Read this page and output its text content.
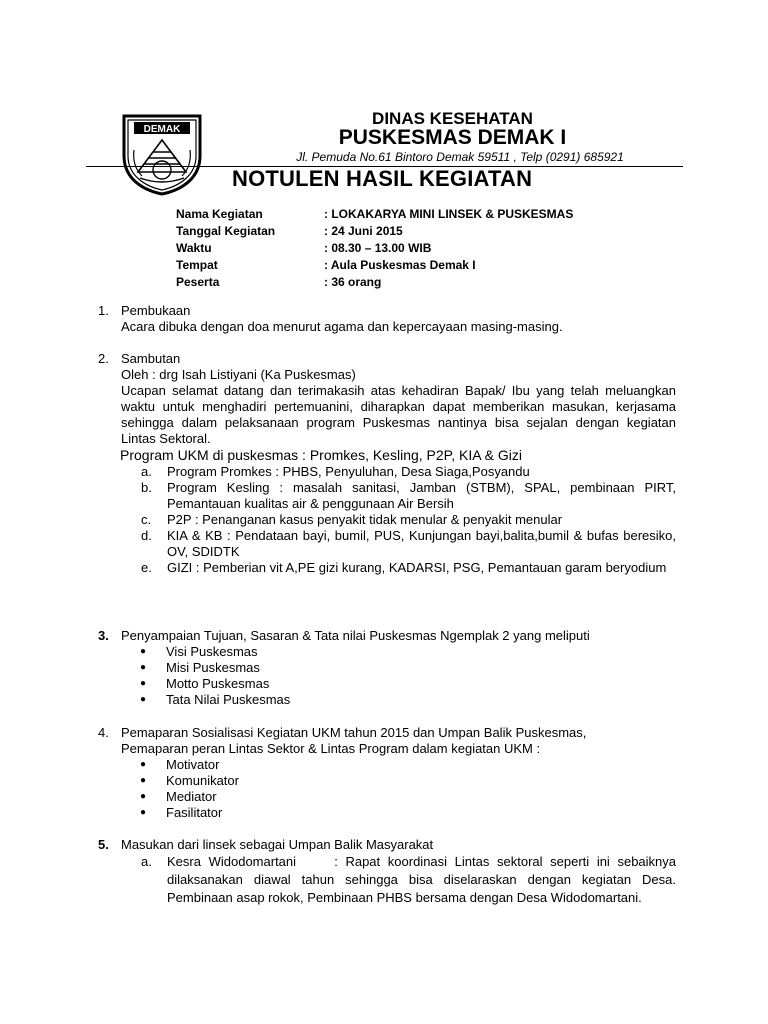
DEMAK
DINAS KESEHATAN
PUSKESMAS DEMAK I
Jl. Pemuda No.61 Bintoro Demak 59511 , Telp (0291) 685921
NOTULEN HASIL KEGIATAN
Nama Kegiatan	: LOKAKARYA MINI LINSEK & PUSKESMAS
Tanggal Kegiatan	: 24 Juni 2015
Waktu	: 08.30 – 13.00 WIB
Tempat	: Aula Puskesmas Demak I
Peserta	: 36 orang
1. Pembukaan
Acara dibuka dengan doa menurut agama dan kepercayaan masing-masing.
2. Sambutan
Oleh : drg Isah Listiyani (Ka Puskesmas)
Ucapan selamat datang dan terimakasih atas kehadiran Bapak/ Ibu yang telah meluangkan waktu untuk menghadiri pertemuanini, diharapkan dapat memberikan masukan, kerjasama sehingga dalam pelaksanaan program Puskesmas nantinya bisa sejalan dengan kegiatan Lintas Sektoral.
Program UKM di puskesmas : Promkes, Kesling, P2P, KIA & Gizi
a.	Program Promkes : PHBS, Penyuluhan, Desa Siaga,Posyandu
b.	Program Kesling : masalah sanitasi, Jamban (STBM), SPAL, pembinaan PIRT, Pemantauan kualitas air & penggunaan Air Bersih
c.	P2P : Penanganan kasus penyakit tidak menular & penyakit menular
d.	KIA & KB : Pendataan bayi, bumil, PUS, Kunjungan bayi,balita,bumil & bufas beresiko, OV, SDIDTK
e.	GIZI : Pemberian vit A,PE gizi kurang, KADARSI, PSG, Pemantauan garam beryodium
3. Penyampaian Tujuan, Sasaran & Tata nilai Puskesmas Ngemplak 2 yang meliputi
●	Visi Puskesmas
●	Misi Puskesmas
●	Motto Puskesmas
●	Tata Nilai Puskesmas
4. Pemaparan Sosialisasi Kegiatan UKM tahun 2015 dan Umpan Balik Puskesmas,
Pemaparan peran Lintas Sektor & Lintas Program dalam kegiatan UKM :
●	Motivator
●	Komunikator
●	Mediator
●	Fasilitator
5. Masukan dari linsek sebagai Umpan Balik Masyarakat
a.	Kesra Widodomartani     : Rapat koordinasi Lintas sektoral seperti ini sebaiknya dilaksanakan diawal tahun sehingga bisa diselaraskan dengan kegiatan Desa. Pembinaan asap rokok, Pembinaan PHBS bersama dengan Desa Widodomartani.
